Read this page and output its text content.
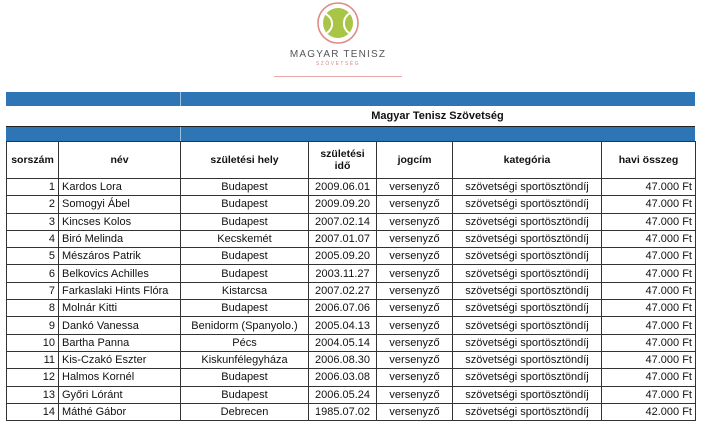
MAGYAR TENISZ
SZÖVETSÉG
Magyar Tenisz Szövetség
sorszám	név	születési hely	születési idő	jogcím	kategória	havi összeg
1	Kardos Lora	Budapest	2009.06.01	versenyző	szövetségi sportösztöndíj	47.000 Ft
2	Somogyi Ábel	Budapest	2009.09.20	versenyző	szövetségi sportösztöndíj	47.000 Ft
3	Kincses Kolos	Budapest	2007.02.14	versenyző	szövetségi sportösztöndíj	47.000 Ft
4	Biró Melinda	Kecskemét	2007.01.07	versenyző	szövetségi sportösztöndíj	47.000 Ft
5	Mészáros Patrik	Budapest	2005.09.20	versenyző	szövetségi sportösztöndíj	47.000 Ft
6	Belkovics Achilles	Budapest	2003.11.27	versenyző	szövetségi sportösztöndíj	47.000 Ft
7	Farkaslaki Hints Flóra	Kistarcsa	2007.02.27	versenyző	szövetségi sportösztöndíj	47.000 Ft
8	Molnár Kitti	Budapest	2006.07.06	versenyző	szövetségi sportösztöndíj	47.000 Ft
9	Dankó Vanessa	Benidorm (Spanyolo.)	2005.04.13	versenyző	szövetségi sportösztöndíj	47.000 Ft
10	Bartha Panna	Pécs	2004.05.14	versenyző	szövetségi sportösztöndíj	47.000 Ft
11	Kis-Czakó Eszter	Kiskunfélegyháza	2006.08.30	versenyző	szövetségi sportösztöndíj	47.000 Ft
12	Halmos Kornél	Budapest	2006.03.08	versenyző	szövetségi sportösztöndíj	47.000 Ft
13	Győri Lóránt	Budapest	2006.05.24	versenyző	szövetségi sportösztöndíj	47.000 Ft
14	Máthé Gábor	Debrecen	1985.07.02	versenyző	szövetségi sportösztöndíj	42.000 Ft
